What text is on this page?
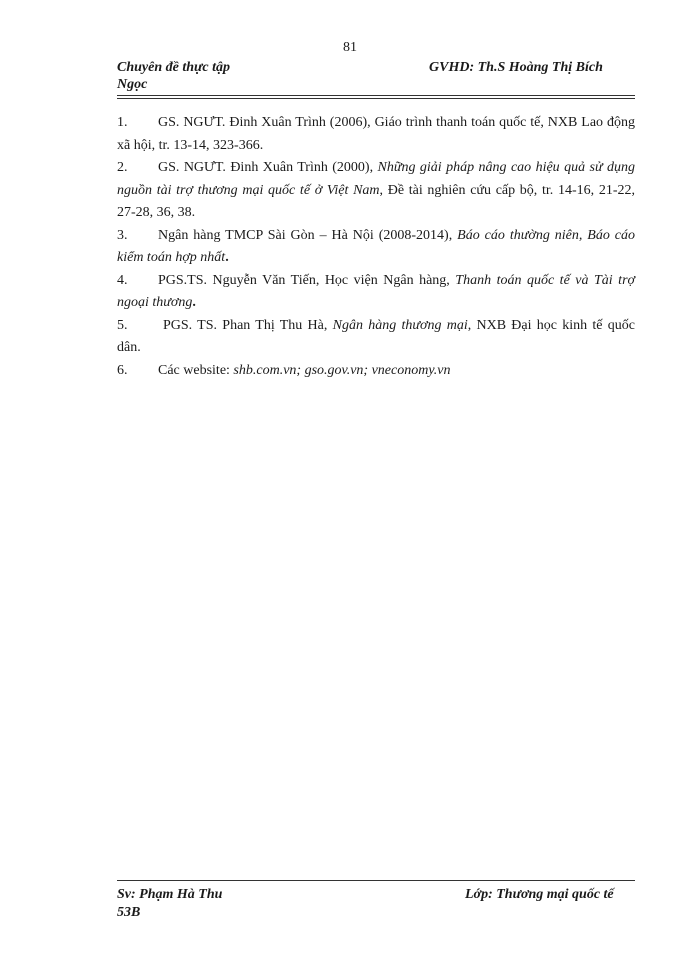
81
Chuyên đề thực tập
Ngọc
GVHD: Th.S Hoàng Thị Bích

1. GS. NGƯT. Đinh Xuân Trình (2006), Giáo trình thanh toán quốc tế, NXB Lao động xã hội, tr. 13-14, 323-366.

2. GS. NGƯT. Đinh Xuân Trình (2000), Những giải pháp nâng cao hiệu quả sử dụng nguồn tài trợ thương mại quốc tế ở Việt Nam, Đề tài nghiên cứu cấp bộ, tr. 14-16, 21-22, 27-28, 36, 38.

3. Ngân hàng TMCP Sài Gòn – Hà Nội (2008-2014), Báo cáo thường niên, Báo cáo kiểm toán hợp nhất.

4. PGS.TS. Nguyễn Văn Tiến, Học viện Ngân hàng, Thanh toán quốc tế và Tài trợ ngoại thương.

5.	PGS. TS. Phan Thị Thu Hà, Ngân hàng thương mại, NXB Đại học kinh tế quốc dân.

6. Các website: shb.com.vn; gso.gov.vn; vneconomy.vn

Sv: Phạm Hà Thu
53B
Lớp: Thương mại quốc tế
